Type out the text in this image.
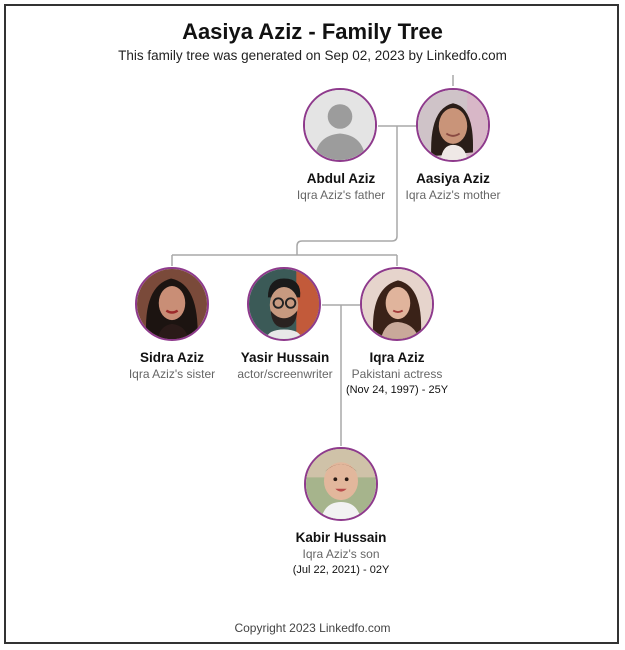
Aasiya Aziz - Family Tree
This family tree was generated on Sep 02, 2023 by Linkedfo.com
Abdul Aziz
Iqra Aziz's father
Aasiya Aziz
Iqra Aziz's mother
Sidra Aziz
Iqra Aziz's sister
Yasir Hussain
actor/screenwriter
Iqra Aziz
Pakistani actress
(Nov 24, 1997) - 25Y
Kabir Hussain
Iqra Aziz's son
(Jul 22, 2021) - 02Y
Copyright 2023 Linkedfo.com
